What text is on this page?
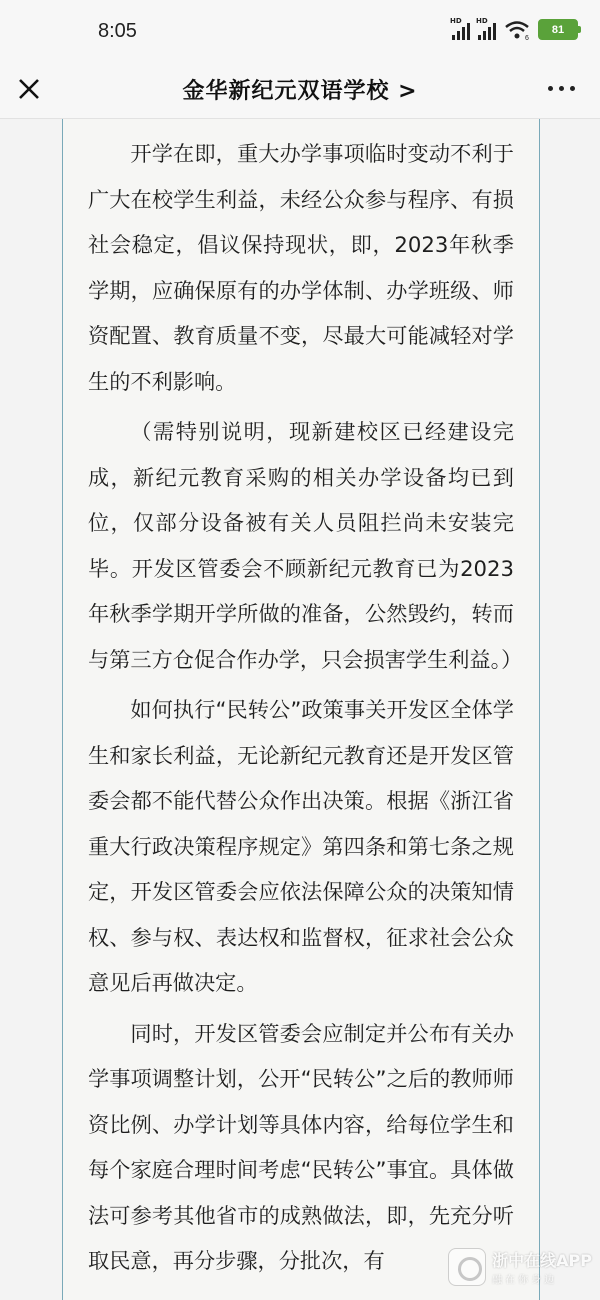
8:05	HD HD
6
81
金华新纪元双语学校 >

开学在即，重大办学事项临时变动不利于广大在校学生利益，未经公众参与程序、有损社会稳定，倡议保持现状，即，2023年秋季学期，应确保原有的办学体制、办学班级、师资配置、教育质量不变，尽最大可能减轻对学生的不利影响。

（需特别说明，现新建校区已经建设完成，新纪元教育采购的相关办学设备均已到位，仅部分设备被有关人员阻拦尚未安装完毕。开发区管委会不顾新纪元教育已为2023年秋季学期开学所做的准备，公然毁约，转而与第三方仓促合作办学，只会损害学生利益。）

如何执行“民转公”政策事关开发区全体学生和家长利益，无论新纪元教育还是开发区管委会都不能代替公众作出决策。根据《浙江省重大行政决策程序规定》第四条和第七条之规定，开发区管委会应依法保障公众的决策知情权、参与权、表达权和监督权，征求社会公众意见后再做决定。

同时，开发区管委会应制定并公布有关办学事项调整计划，公开“民转公”之后的教师师资比例、办学计划等具体内容，给每位学生和每个家庭合理时间考虑“民转公”事宜。具体做法可参考其他省市的成熟做法，即，先充分听取民意，再分步骤，分批次，有	浙中在线APP
融在你身边
